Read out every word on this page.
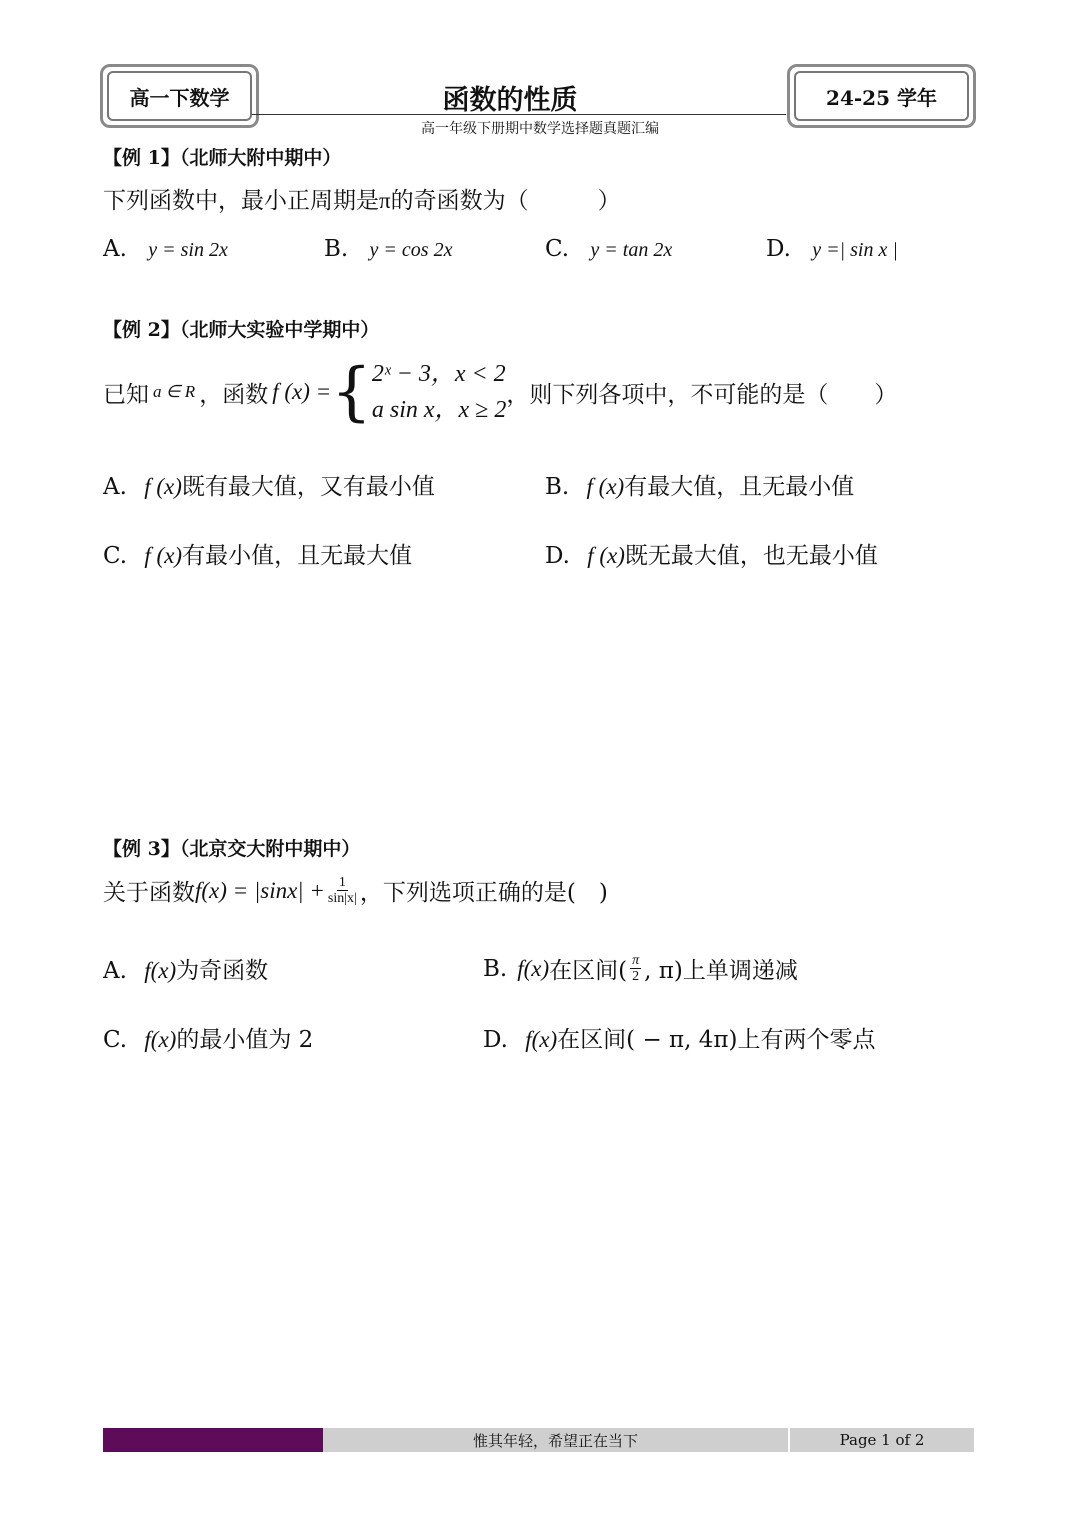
高一下数学	24-25 学年
函数的性质
高一年级下册期中数学选择题真题汇编
【例 1】（北师大附中期中）
下列函数中，最小正周期是π的奇函数为（　　　）
A. y = sin 2x	B. y = cos 2x	C. y = tan 2x	D. y =| sin x |
【例 2】（北师大实验中学期中）
已知 a ∈ R ，函数 f (x) = { 2ˣ − 3，x < 2
a sin x，x ≥ 2
，则下列各项中，不可能的是（　　）
A. f (x)既有最大值，又有最小值	B. f (x)有最大值，且无最小值
C. f (x)有最小值，且无最大值	D. f (x)既无最大值，也无最小值
【例 3】（北京交大附中期中）
关于函数 $f(x) = |\sin x| + \frac{1}{\sin|x|}$ ，下列选项正确的是(　)
A. f(x)为奇函数	B. f(x) 在区间( $\frac{\pi}{2}$ , π)上单调递减
C. f(x)的最小值为 2	D. f(x)在区间( − π, 4π)上有两个零点
惟其年轻，希望正在当下	Page 1 of 2
